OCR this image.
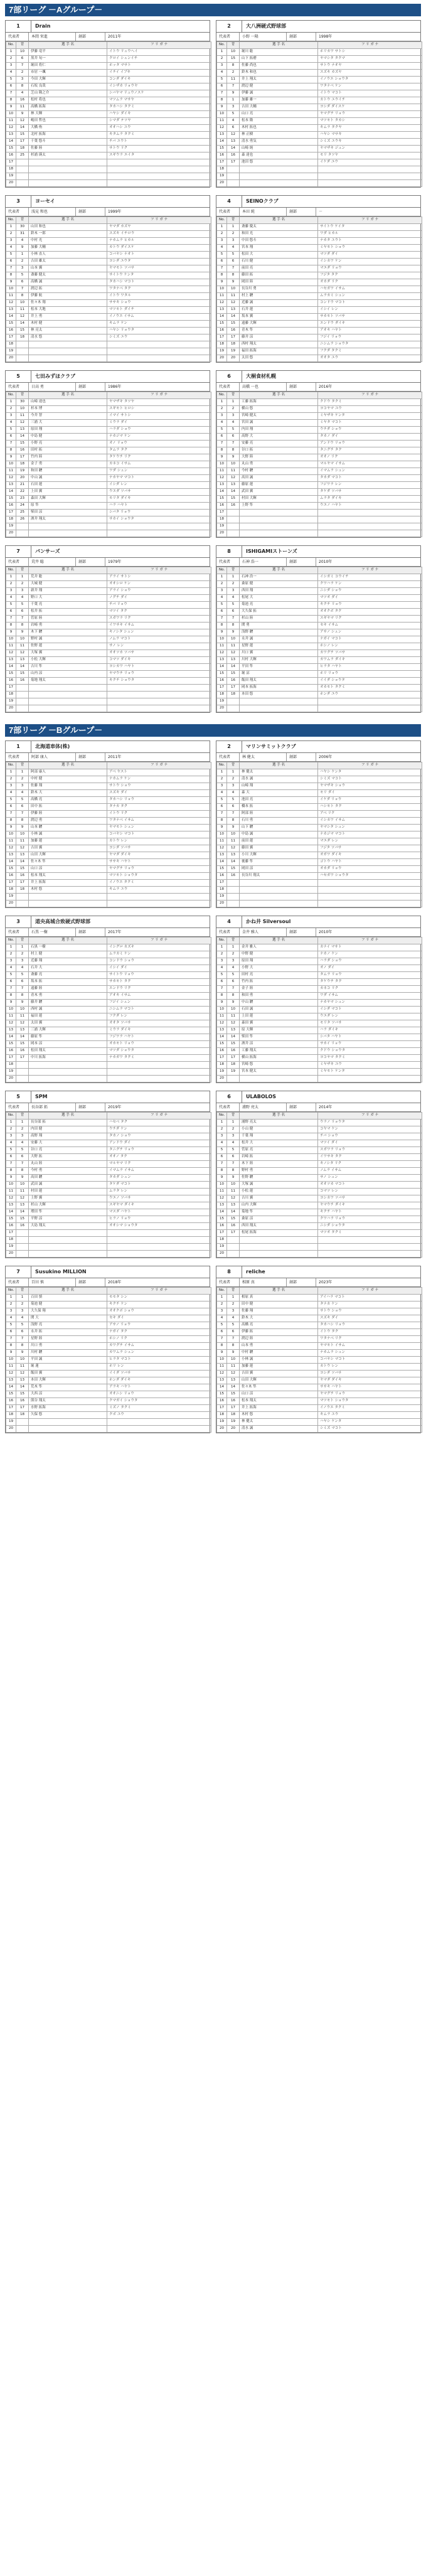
7部リーグ －Aグループ－
1	Drain
代表者	本間 栄進	創部	2011年
No.	背	選 手 名	フ リ ガ ナ
1	10	伊藤 竜平	イトウ リュウヘイ
2	6	黒井 旬一	クロイ シュンイチ
3	7	堀田 将仁	ホッタ マサト
4	2	市居 一颯	イチイ イブキ
5	3	今田 大輝	コンダ ダイキ
6	8	石坂 良哉	イシザカ リョウヤ
7	4	芝山 隆之介	シバヤマ リュウノスケ
8	16	松村 将也	マツムラ マサヤ
9	11	高橋 拓海	タカハシ タクミ
10	9	林 大輝	ハヤシ ダイキ
11	12	嶋田 哲也	シマダ テツヤ
12	14	大橋 侑	オオハシ ユウ
13	15	北村 拓海	キタムラ タクミ
14	17	千葉 悠斗	チバ ユウト
15	18	佐藤 陸	サトウ リク
16	25	杉浦 瑛太	スギウラ エイタ
17			
18			
19			
20			
2	大八洲硬式野球部
代表者	小野 一隆	創部	1998年
No.	背	選 手 名	フ リ ガ ナ
1	10	堀川 聡	ホリカワ サトシ
2	15	山下 拓磨	ヤマシタ タクマ
3	8	佐藤 尚也	サトウ ナオヤ
4	2	鈴木 和也	スズキ カズヤ
5	11	井上 翔太	イノウエ ショウタ
6	7	渡辺 健	ワタナベ ケン
7	9	伊藤 誠	イトウ マコト
8	1	加藤 雄一	カトウ ユウイチ
9	3	吉田 大輔	ヨシダ ダイスケ
10	5	山口 亮	ヤマグチ リョウ
11	4	松本 隆	マツモト タカシ
12	6	木村 拓也	キムラ タクヤ
13	12	林 正樹	ハヤシ マサキ
14	13	清水 勇気	シミズ ユウキ
15	14	山崎 純	ヤマザキ ジュン
16	16	森 達也	モリ タツヤ
17	17	池田 悠	イケダ ユウ
18			
19			
20			
3	ヨーセイ
代表者	浅見 和也	創部	1999年
No.	背	選 手 名	フ リ ガ ナ
1	30	山田 和也	ヤマダ カズヤ
2	31	鈴木 一郎	スズキ イチロウ
3	4	中村 光	ナカムラ ヒカル
4	9	加藤 大輔	カトウ ダイスケ
5	1	小林 直人	コバヤシ ナオト
6	2	吉田 雄太	ヨシダ ユウタ
7	3	山本 翼	ヤマモト ツバサ
8	5	斎藤 健太	サイトウ ケンタ
9	6	高橋 誠	タカハシ マコト
10	7	渡辺 拓	ワタナベ タク
11	8	伊藤 航	イトウ ワタル
12	10	佐々木 翔	ササキ ショウ
13	11	松本 大地	マツモト ダイチ
14	12	井上 勇	イノウエ イサム
15	14	木村 健	キムラ ケン
16	15	林 亮太	ハヤシ リョウタ
17	18	清水 悠	シミズ ユウ
18			
19			
20			
4	SEINOクラブ
代表者	本田 純	創部	－
No.	背	選 手 名	フ リ ガ ナ
1	1	斎藤 慶太	サイトウ ケイタ
2	2	和田 光	ワダ ヒカル
3	3	中田 悠斗	ナカタ ユウト
4	4	宮本 翔	ミヤモト ショウ
5	5	松田 大	マツダ ダイ
6	6	石川 健	イシカワ ケン
7	7	前田 亮	マエダ リョウ
8	8	藤田 拓	フジタ タク
9	9	岡田 陸	オカダ リク
10	10	長谷川 勇	ハセガワ イサム
11	11	村上 駿	ムラカミ シュン
12	12	近藤 誠	コンドウ マコト
13	13	石井 蓮	イシイ レン
14	14	坂本 翼	サカモト ツバサ
15	15	遠藤 大輝	エンドウ ダイキ
16	16	青木 隼	アオキ ハヤト
17	17	藤井 涼	フジイ リョウ
18	18	西村 翔太	ニシムラ ショウタ
19	19	福田 拓海	フクダ タクミ
20	20	太田 悠	オオタ ユウ
5	七田みずほクラブ
代表者	日高 勇	創部	1986年
No.	背	選 手 名	フ リ ガ ナ
1	30	山崎 達也	ヤマザキ タツヤ
2	10	杉本 博	スギモト ヒロシ
3	11	今井 智	イマイ サトシ
4	12	三浦 大	ミウラ ダイ
5	13	原田 翔	ハラダ ショウ
6	14	中島 健	ナカジマ ケン
7	15	小野 亮	オノ リョウ
8	16	田村 拓	タムラ タク
9	17	竹内 陸	タケウチ リク
10	18	金子 勇	カネコ イサム
11	19	和田 駿	ワダ シュン
12	20	中山 誠	ナカヤマ マコト
13	21	石田 蓮	イシダ レン
14	22	上田 翼	ウエダ ツバサ
15	23	森田 大輝	モリタ ダイキ
16	24	原 隼	ハラ ハヤト
17	25	柴田 涼	シバタ リョウ
18	26	酒井 翔太	サカイ ショウタ
19			
20			
6	大桐食材札幌
代表者	高橋 一也	創部	2016年
No.	背	選 手 名	フ リ ガ ナ
1	1	工藤 拓海	クドウ タクミ
2	2	横山 悠	ヨコヤマ ユウ
3	3	宮崎 健太	ミヤザキ ケンタ
4	4	宮田 誠	ミヤタ マコト
5	5	内田 翔	ウチダ ショウ
6	6	高野 大	タカノ ダイ
7	7	安藤 亮	アンドウ リョウ
8	8	谷口 拓	タニグチ タク
9	9	大野 陸	オオノ リク
10	10	丸山 勇	マルヤマ イサム
11	11	今村 駿	イマムラ シュン
12	12	高田 誠	タカダ マコト
13	13	藤原 蓮	フジワラ レン
14	14	武田 翼	タケダ ツバサ
15	15	村田 大輝	ムラタ ダイキ
16	16	上野 隼	ウエノ ハヤト
17			
18			
19			
20			
7	パンサーズ
代表者	荒井 聡	創部	1979年
No.	背	選 手 名	フ リ ガ ナ
1	1	荒井 聡	アライ サトシ
2	2	大城 健	オオシロ ケン
3	3	新井 翔	アライ ショウ
4	4	野口 大	ノグチ ダイ
5	5	千葉 亮	チバ リョウ
6	6	松井 拓	マツイ タク
7	7	菅原 陸	スガワラ リク
8	8	岩崎 勇	イワサキ イサム
9	9	木下 駿	キノシタ シュン
10	10	野村 誠	ノムラ マコト
11	11	佐野 蓮	サノ レン
12	12	大塚 翼	オオツカ ツバサ
13	13	小松 大輝	コマツ ダイキ
14	14	吉川 隼	ヨシカワ ハヤト
15	15	山内 涼	ヤマウチ リョウ
16	16	菊地 翔太	キクチ ショウタ
17			
18			
19			
20			
8	ISHIGAMIストーンズ
代表者	石神 浩一	創部	2010年
No.	背	選 手 名	フ リ ガ ナ
1	1	石神 浩一	イシガミ コウイチ
2	2	桑原 健	クワハラ ケン
3	3	西田 翔	ニシダ ショウ
4	4	松尾 大	マツオ ダイ
5	5	菊池 亮	キクチ リョウ
6	6	大久保 拓	オオクボ タク
7	7	杉山 陸	スギヤマ リク
8	8	関 勇	セキ イサム
9	9	浅野 駿	アサノ シュン
10	10	永井 誠	ナガイ マコト
11	11	星野 蓮	ホシノ レン
12	12	川口 翼	カワグチ ツバサ
13	13	川村 大輝	カワムラ ダイキ
14	14	平田 隼	ヒラタ ハヤト
15	15	堀 涼	ホリ リョウ
16	16	飯田 翔太	イイダ ショウタ
17	17	岡本 拓海	オカモト タクミ
18	18	本田 悠	ホンダ ユウ
19			
20			
7部リーグ －Bグループ－
1	北海道車体(株)
代表者	阿部 康人	創部	2011年
No.	背	選 手 名	フ リ ガ ナ
1	1	阿部 康人	アベ ヤスト
2	2	中村 健	ナカムラ ケン
3	3	佐藤 翔	サトウ ショウ
4	4	鈴木 大	スズキ ダイ
5	5	高橋 亮	タカハシ リョウ
6	6	田中 拓	タナカ タク
7	7	伊藤 陸	イトウ リク
8	8	渡辺 勇	ワタナベ イサム
9	9	山本 駿	ヤマモト シュン
10	10	小林 誠	コバヤシ マコト
11	11	加藤 蓮	カトウ レン
12	12	吉田 翼	ヨシダ ツバサ
13	13	山田 大輝	ヤマダ ダイキ
14	14	佐々木 隼	ササキ ハヤト
15	15	山口 涼	ヤマグチ リョウ
16	16	松本 翔太	マツモト ショウタ
17	17	井上 拓海	イノウエ タクミ
18	18	木村 悠	キムラ ユウ
19			
20			
2	マリンサミットクラブ
代表者	林 健太	創部	2006年
No.	背	選 手 名	フ リ ガ ナ
1	1	林 健太	ハヤシ ケンタ
2	2	清水 誠	シミズ マコト
3	3	山崎 翔	ヤマザキ ショウ
4	4	森 大	モリ ダイ
5	5	池田 亮	イケダ リョウ
6	6	橋本 拓	ハシモト タク
7	7	阿部 陸	アベ リク
8	8	石川 勇	イシカワ イサム
9	9	山下 駿	ヤマシタ シュン
10	10	中島 誠	ナカジマ マコト
11	11	前田 蓮	マエダ レン
12	12	藤田 翼	フジタ ツバサ
13	13	小川 大輝	オガワ ダイキ
14	14	後藤 隼	ゴトウ ハヤト
15	15	岡田 涼	オカダ リョウ
16	16	長谷川 翔太	ハセガワ ショウタ
17			
18			
19			
20			
3	道央高城合致硬式野球部
代表者	石黒 一樹	創部	2017年
No.	背	選 手 名	フ リ ガ ナ
1	1	石黒 一樹	イシグロ カズキ
2	2	村上 健	ムラカミ ケン
3	3	近藤 翔	コンドウ ショウ
4	4	石井 大	イシイ ダイ
5	5	斎藤 亮	サイトウ リョウ
6	6	坂本 拓	サカモト タク
7	7	遠藤 陸	エンドウ リク
8	8	青木 勇	アオキ イサム
9	9	藤井 駿	フジイ シュン
10	10	西村 誠	ニシムラ マコト
11	11	福田 蓮	フクダ レン
12	12	太田 翼	オオタ ツバサ
13	13	三浦 大輝	ミウラ ダイキ
14	14	藤原 隼	フジワラ ハヤト
15	15	岡本 涼	オカモト リョウ
16	16	松田 翔太	マツダ ショウタ
17	17	中川 拓海	ナカガワ タクミ
18			
19			
20			
4	かね井 Silversoul
代表者	金井 雅人	創部	2010年
No.	背	選 手 名	フ リ ガ ナ
1	1	金井 雅人	カナイ マサト
2	2	中野 健	ナカノ ケン
3	3	原田 翔	ハラダ ショウ
4	4	小野 大	オノ ダイ
5	5	田村 亮	タムラ リョウ
6	6	竹内 拓	タケウチ タク
7	7	金子 陸	カネコ リク
8	8	和田 勇	ワダ イサム
9	9	中山 駿	ナカヤマ シュン
10	10	石田 誠	イシダ マコト
11	11	上田 蓮	ウエダ レン
12	12	森田 翼	モリタ ツバサ
13	13	原 大輝	ハラ ダイキ
14	14	柴田 隼	シバタ ハヤト
15	15	酒井 涼	サカイ リョウ
16	16	工藤 翔太	クドウ ショウタ
17	17	横山 拓海	ヨコヤマ タクミ
18	18	宮崎 悠	ミヤザキ ユウ
19	19	宮本 健太	ミヤモト ケンタ
20			
5	SPM
代表者	長谷部 拓	創部	2019年
No.	背	選 手 名	フ リ ガ ナ
1	1	長谷部 拓	ハセベ タク
2	2	内田 健	ウチダ ケン
3	3	高野 翔	タカノ ショウ
4	4	安藤 大	アンドウ ダイ
5	5	谷口 亮	タニグチ リョウ
6	6	大野 拓	オオノ タク
7	7	丸山 陸	マルヤマ リク
8	8	今村 勇	イマムラ イサム
9	9	高田 駿	タカダ シュン
10	10	武田 誠	タケダ マコト
11	11	村田 蓮	ムラタ レン
12	12	上野 翼	ウエノ ツバサ
13	13	杉山 大輝	スギヤマ ダイキ
14	14	増田 隼	マスダ ハヤト
15	15	平野 涼	ヒラノ リョウ
16	16	大島 翔太	オオシマ ショウタ
17			
18			
19			
20			
6	ULABOLOS
代表者	浦野 亮太	創部	2014年
No.	背	選 手 名	フ リ ガ ナ
1	1	浦野 亮太	ウラノ リョウタ
2	2	小山 健	コヤマ ケン
3	3	千葉 翔	チバ ショウ
4	4	松井 大	マツイ ダイ
5	5	菅原 亮	スガワラ リョウ
6	6	岩崎 拓	イワサキ タク
7	7	木下 陸	キノシタ リク
8	8	野村 勇	ノムラ イサム
9	9	佐野 駿	サノ シュン
10	10	大塚 誠	オオツカ マコト
11	11	小松 蓮	コマツ レン
12	12	吉川 翼	ヨシカワ ツバサ
13	13	山内 大輝	ヤマウチ ダイキ
14	14	菊地 隼	キクチ ハヤト
15	15	桑原 涼	クワハラ リョウ
16	16	西田 翔太	ニシダ ショウタ
17	17	松尾 拓海	マツオ タクミ
18			
19			
20			
7	Susukino MILLION
代表者	百田 慎	創部	2018年
No.	背	選 手 名	フ リ ガ ナ
1	1	百田 慎	モモタ シン
2	2	菊池 健	キクチ ケン
3	3	大久保 翔	オオクボ ショウ
4	4	関 大	セキ ダイ
5	5	浅野 亮	アサノ リョウ
6	6	永井 拓	ナガイ タク
7	7	星野 陸	ホシノ リク
8	8	川口 勇	カワグチ イサム
9	9	川村 駿	カワムラ シュン
10	10	平田 誠	ヒラタ マコト
11	11	堀 蓮	ホリ レン
12	12	飯田 翼	イイダ ツバサ
13	13	本田 大輝	ホンダ ダイキ
14	14	荒木 隼	アラキ ハヤト
15	15	大西 涼	オオニシ リョウ
16	16	熊谷 翔太	クマガイ ショウタ
17	17	水野 拓海	ミズノ タクミ
18	18	久保 悠	クボ ユウ
19			
20			
8	reliche
代表者	相原 真	創部	2023年
No.	背	選 手 名	フ リ ガ ナ
1	1	相原 真	アイハラ マコト
2	2	田中 健	タナカ ケン
3	3	佐藤 翔	サトウ ショウ
4	4	鈴木 大	スズキ ダイ
5	5	高橋 亮	タカハシ リョウ
6	6	伊藤 拓	イトウ タク
7	7	渡辺 陸	ワタナベ リク
8	8	山本 勇	ヤマモト イサム
9	9	中村 駿	ナカムラ シュン
10	10	小林 誠	コバヤシ マコト
11	11	加藤 蓮	カトウ レン
12	12	吉田 翼	ヨシダ ツバサ
13	13	山田 大輝	ヤマダ ダイキ
14	14	佐々木 隼	ササキ ハヤト
15	15	山口 涼	ヤマグチ リョウ
16	16	松本 翔太	マツモト ショウタ
17	17	井上 拓海	イノウエ タクミ
18	18	木村 悠	キムラ ユウ
19	19	林 健太	ハヤシ ケンタ
20	20	清水 誠	シミズ マコト
